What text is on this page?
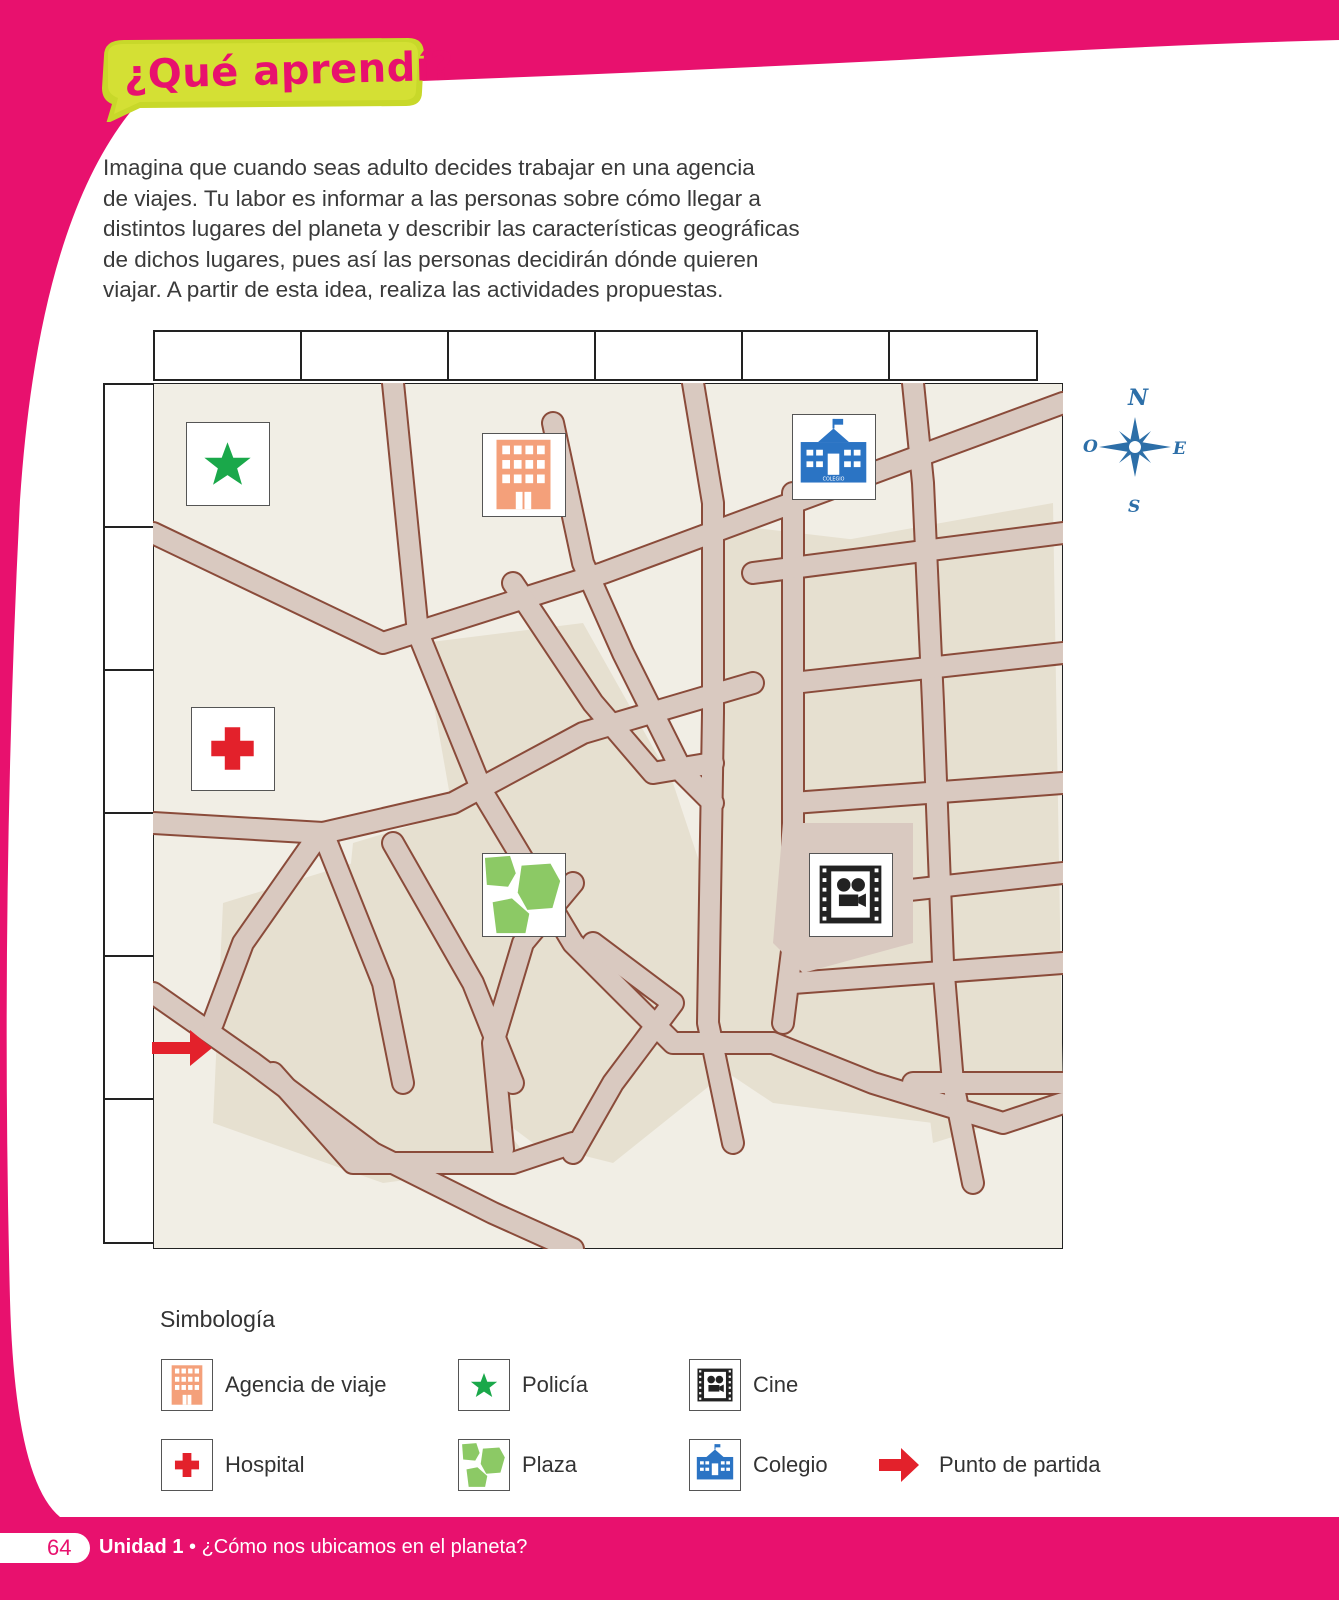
¿Qué aprendí?
Imagina que cuando seas adulto decides trabajar en una agencia
de viajes. Tu labor es informar a las personas sobre cómo llegar a
distintos lugares del planeta y describir las características geográficas
de dichos lugares, pues así las personas decidirán dónde quieren
viajar. A partir de esta idea, realiza las actividades propuestas.
COLEGIO
N
O	E
S
Simbología
Agencia de viaje	Policía	Cine
Hospital	Plaza	Colegio	Punto de partida
64	Unidad 1 • ¿Cómo nos ubicamos en el planeta?
